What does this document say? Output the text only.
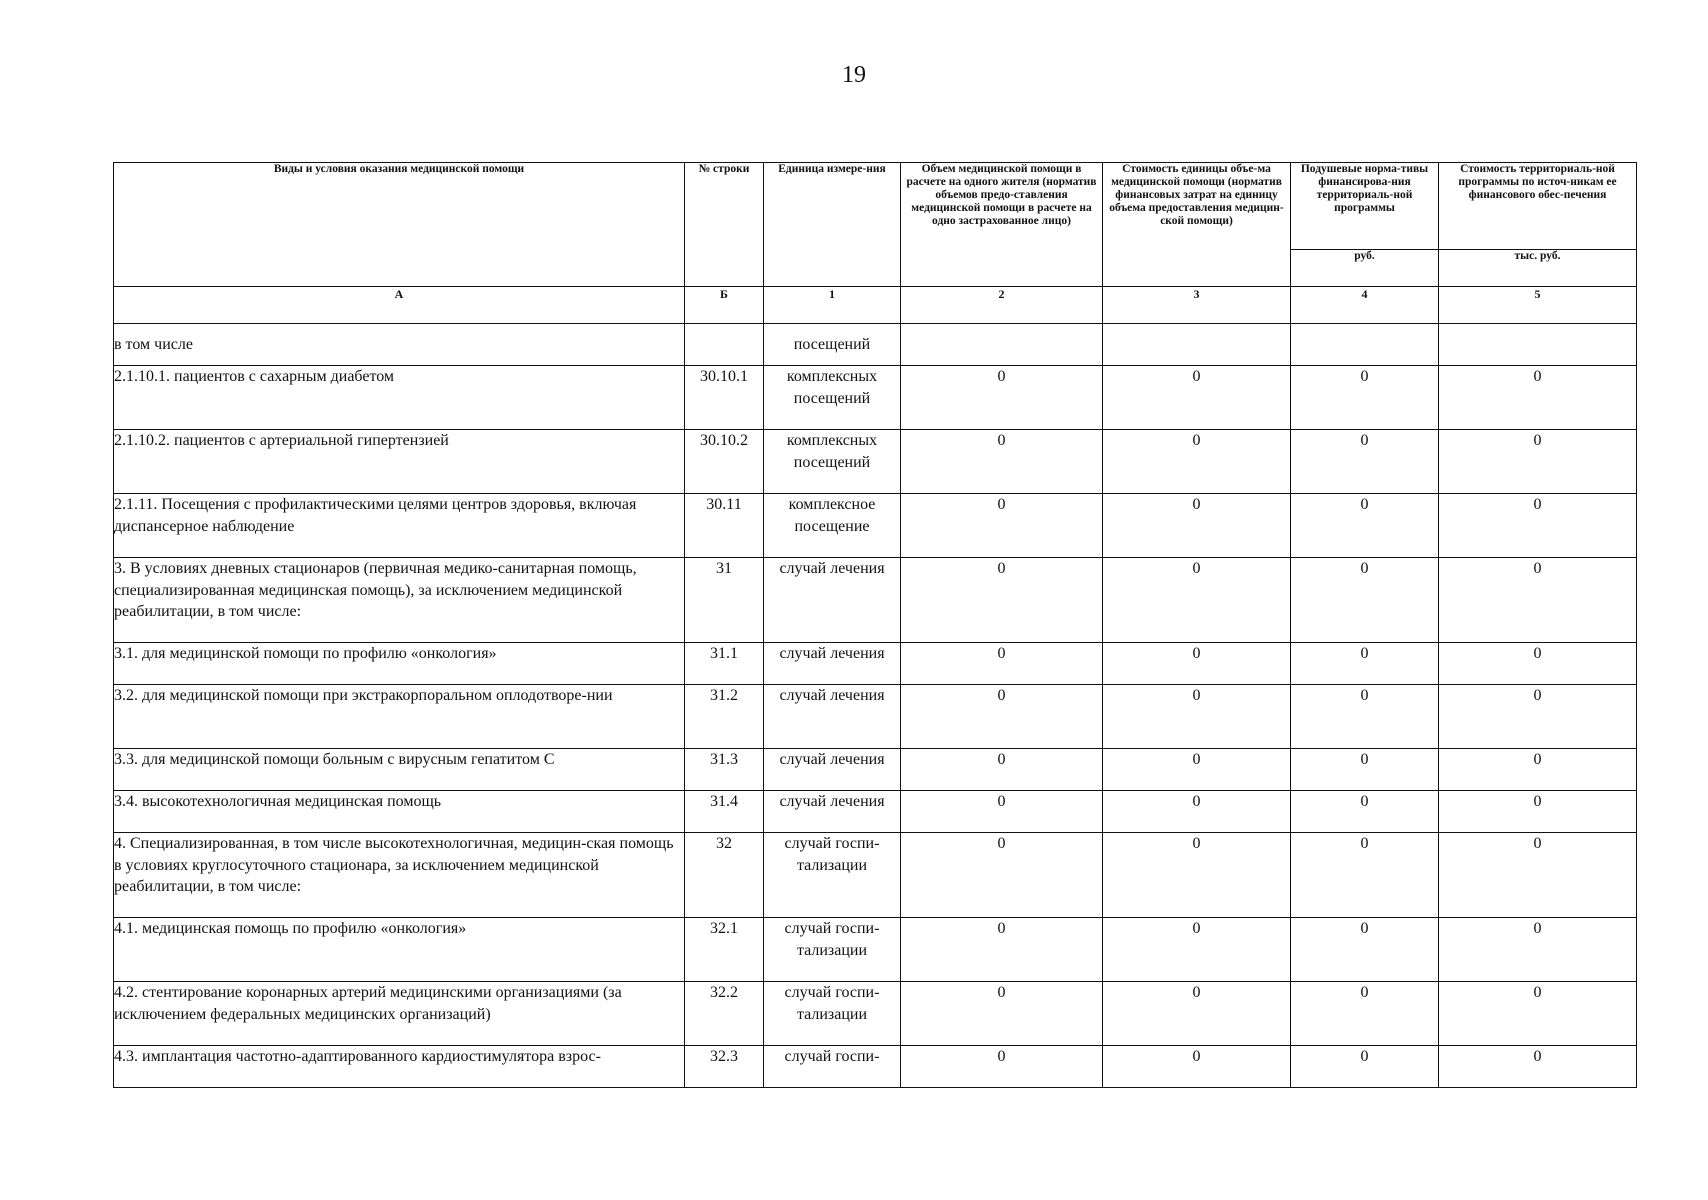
19
Виды и условия оказания медицинской помощи	№ строки	Единица измере-ния	Объем медицинской помощи в расчете на одного жителя (норматив объемов предо-ставления медицинской помощи в расчете на одно застрахованное лицо)	Стоимость единицы объе-ма медицинской помощи (норматив финансовых затрат на единицу объема предоставления медицин-ской помощи)	Подушевые норма-тивы финансирова-ния территориаль-ной программы	Стоимость территориаль-ной программы по источ-никам ее финансового обес-печения
					руб.	тыс. руб.
А	Б	1	2	3	4	5
в том числе		посещений				
2.1.10.1. пациентов с сахарным диабетом	30.10.1	комплексных посещений	0	0	0	0
2.1.10.2. пациентов с артериальной гипертензией	30.10.2	комплексных посещений	0	0	0	0
2.1.11. Посещения с профилактическими целями центров здоровья, включая диспансерное наблюдение	30.11	комплексное посещение	0	0	0	0
3. В условиях дневных стационаров (первичная медико-санитарная помощь, специализированная медицинская помощь), за исключением медицинской реабилитации, в том числе:	31	случай лечения	0	0	0	0
3.1. для медицинской помощи по профилю «онкология»	31.1	случай лечения	0	0	0	0
3.2. для медицинской помощи при экстракорпоральном оплодотворе-нии	31.2	случай лечения	0	0	0	0
3.3. для медицинской помощи больным с вирусным гепатитом С	31.3	случай лечения	0	0	0	0
3.4. высокотехнологичная медицинская помощь	31.4	случай лечения	0	0	0	0
4. Специализированная, в том числе высокотехнологичная, медицин-ская помощь в условиях круглосуточного стационара, за исключением медицинской реабилитации, в том числе:	32	случай госпи-тализации	0	0	0	0
4.1. медицинская помощь по профилю «онкология»	32.1	случай госпи-тализации	0	0	0	0
4.2. стентирование коронарных артерий медицинскими организациями (за исключением федеральных медицинских организаций)	32.2	случай госпи-тализации	0	0	0	0
4.3. имплантация частотно-адаптированного кардиостимулятора взрос-	32.3	случай госпи-	0	0	0	0
